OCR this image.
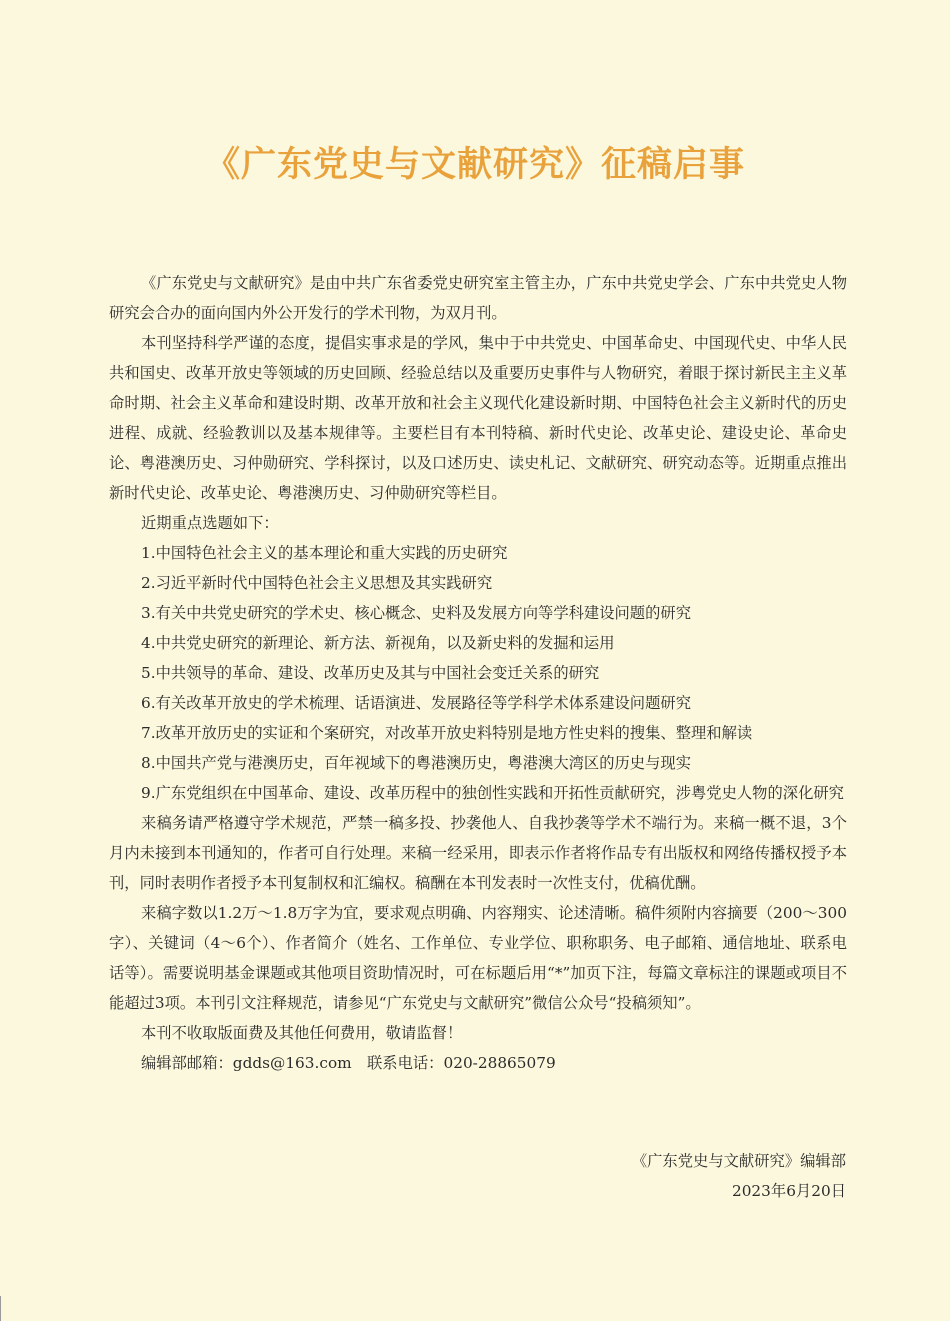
《广东党史与文献研究》征稿启事

《广东党史与文献研究》是由中共广东省委党史研究室主管主办，广东中共党史学会、广东中共党史人物研究会合办的面向国内外公开发行的学术刊物，为双月刊。

本刊坚持科学严谨的态度，提倡实事求是的学风，集中于中共党史、中国革命史、中国现代史、中华人民共和国史、改革开放史等领域的历史回顾、经验总结以及重要历史事件与人物研究，着眼于探讨新民主主义革命时期、社会主义革命和建设时期、改革开放和社会主义现代化建设新时期、中国特色社会主义新时代的历史进程、成就、经验教训以及基本规律等。主要栏目有本刊特稿、新时代史论、改革史论、建设史论、革命史论、粤港澳历史、习仲勋研究、学科探讨，以及口述历史、读史札记、文献研究、研究动态等。近期重点推出新时代史论、改革史论、粤港澳历史、习仲勋研究等栏目。

近期重点选题如下：

1.中国特色社会主义的基本理论和重大实践的历史研究

2.习近平新时代中国特色社会主义思想及其实践研究

3.有关中共党史研究的学术史、核心概念、史料及发展方向等学科建设问题的研究

4.中共党史研究的新理论、新方法、新视角，以及新史料的发掘和运用

5.中共领导的革命、建设、改革历史及其与中国社会变迁关系的研究

6.有关改革开放史的学术梳理、话语演进、发展路径等学科学术体系建设问题研究

7.改革开放历史的实证和个案研究，对改革开放史料特别是地方性史料的搜集、整理和解读

8.中国共产党与港澳历史，百年视域下的粤港澳历史，粤港澳大湾区的历史与现实

9.广东党组织在中国革命、建设、改革历程中的独创性实践和开拓性贡献研究，涉粤党史人物的深化研究

来稿务请严格遵守学术规范，严禁一稿多投、抄袭他人、自我抄袭等学术不端行为。来稿一概不退，3个月内未接到本刊通知的，作者可自行处理。来稿一经采用，即表示作者将作品专有出版权和网络传播权授予本刊，同时表明作者授予本刊复制权和汇编权。稿酬在本刊发表时一次性支付，优稿优酬。

来稿字数以1.2万～1.8万字为宜，要求观点明确、内容翔实、论述清晰。稿件须附内容摘要（200～300字）、关键词（4～6个）、作者简介（姓名、工作单位、专业学位、职称职务、电子邮箱、通信地址、联系电话等）。需要说明基金课题或其他项目资助情况时，可在标题后用“*”加页下注，每篇文章标注的课题或项目不能超过3项。本刊引文注释规范，请参见“广东党史与文献研究”微信公众号“投稿须知”。

本刊不收取版面费及其他任何费用，敬请监督！

编辑部邮箱：gdds@163.com　 联系电话：020-28865079

《广东党史与文献研究》编辑部
2023年6月20日
